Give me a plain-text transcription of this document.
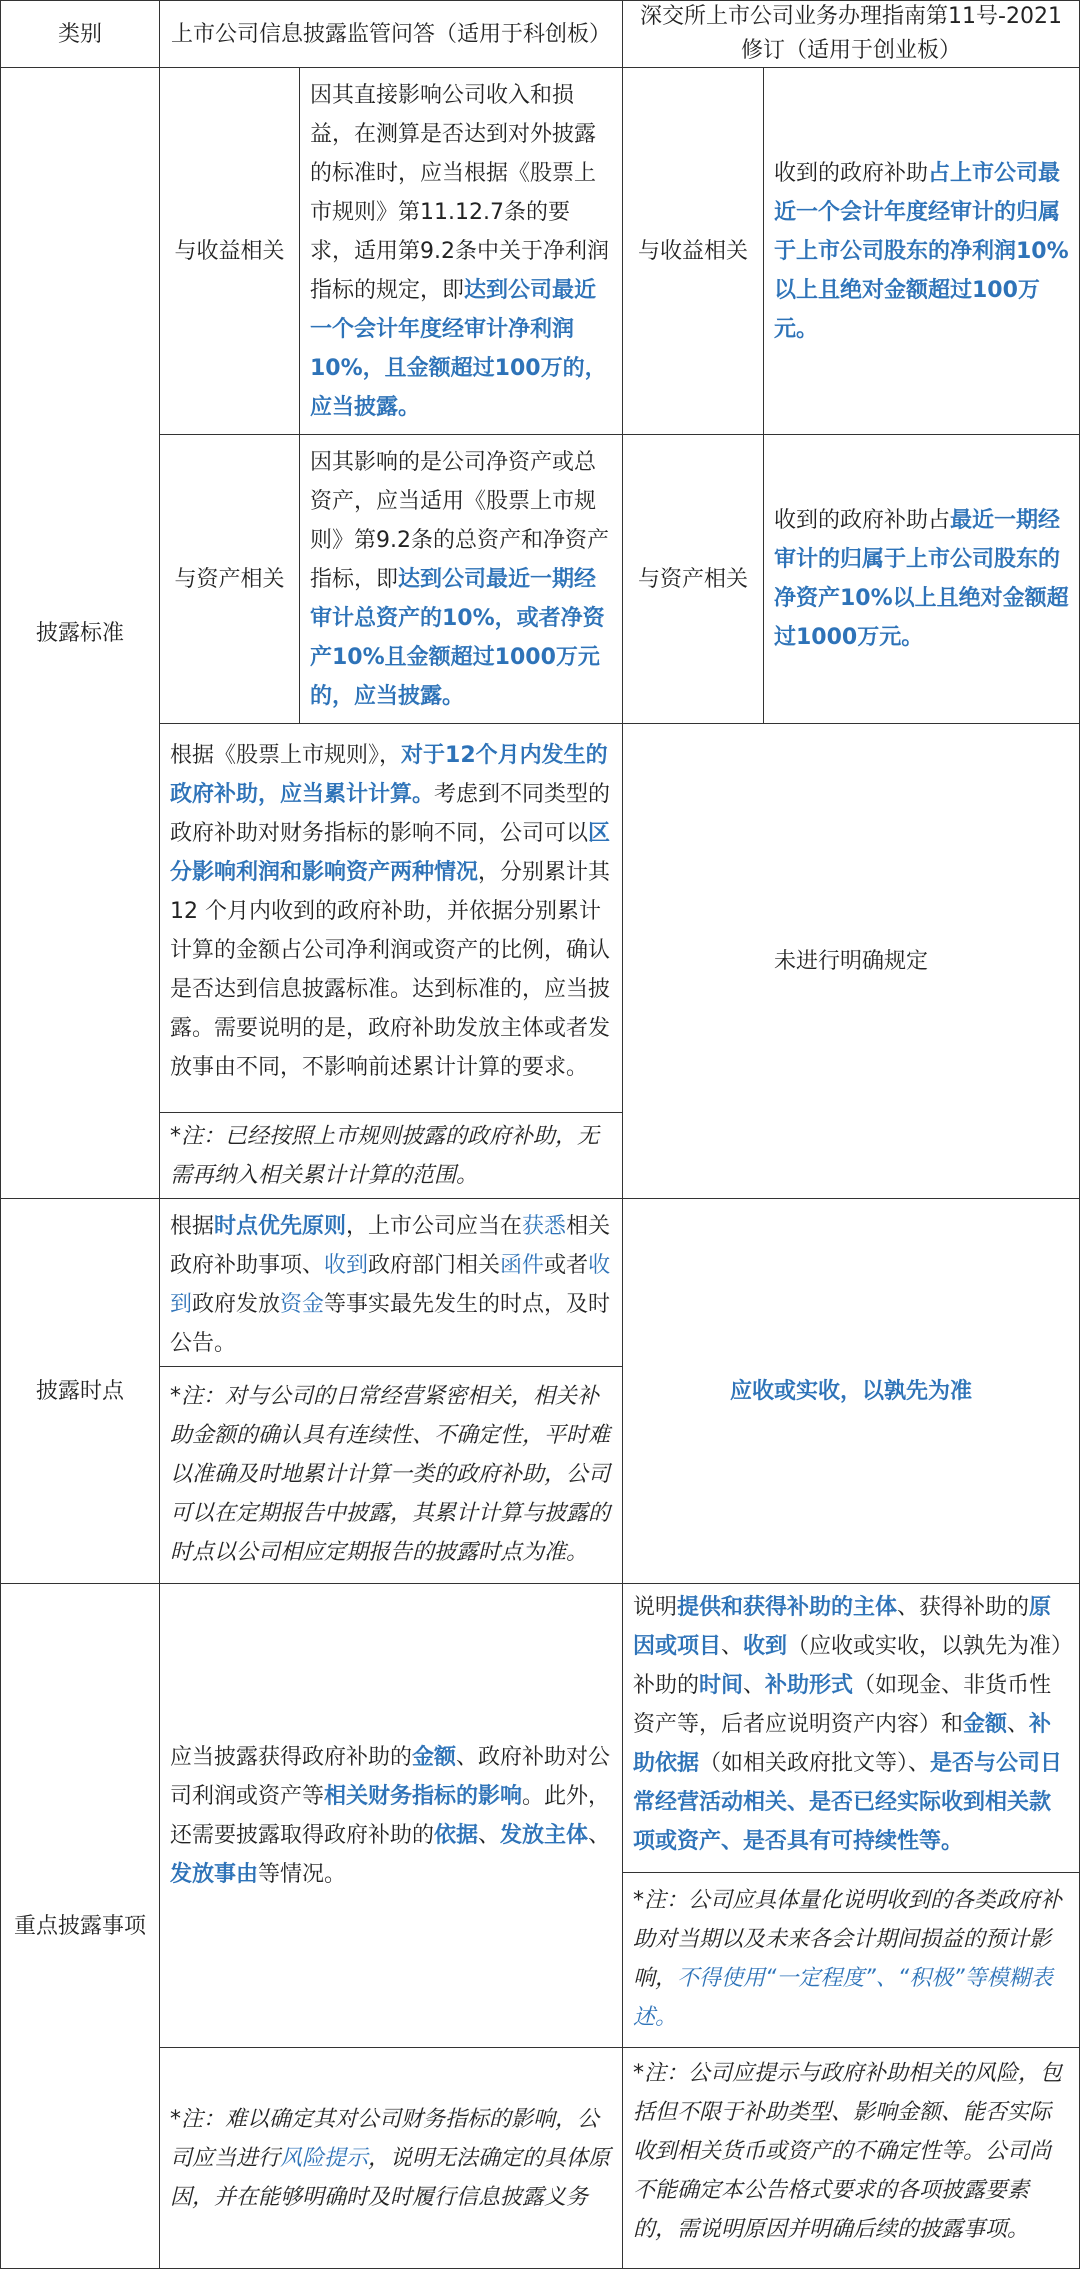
类别	上市公司信息披露监管问答（适用于科创板）
深交所上市公司业务办理指南第11号-2021
修订（适用于创业板）
披露标准
与收益相关
因其直接影响公司收入和损益，在测算是否达到对外披露的标准时，应当根据《股票上市规则》第11.12.7条的要求，适用第9.2条中关于净利润指标的规定，即达到公司最近一个会计年度经审计净利润10%，且金额超过100万的，应当披露。
与收益相关
收到的政府补助占上市公司最近一个会计年度经审计的归属于上市公司股东的净利润10%以上且绝对金额超过100万元。
与资产相关
因其影响的是公司净资产或总资产，应当适用《股票上市规则》第9.2条的总资产和净资产指标，即达到公司最近一期经审计总资产的10%，或者净资产10%且金额超过1000万元的，应当披露。
与资产相关
收到的政府补助占最近一期经审计的归属于上市公司股东的净资产10%以上且绝对金额超过1000万元。
根据《股票上市规则》，对于12个月内发生的政府补助，应当累计计算。考虑到不同类型的政府补助对财务指标的影响不同，公司可以区分影响利润和影响资产两种情况，分别累计其12 个月内收到的政府补助，并依据分别累计计算的金额占公司净利润或资产的比例，确认是否达到信息披露标准。达到标准的，应当披露。需要说明的是，政府补助发放主体或者发放事由不同，不影响前述累计计算的要求。
*注：已经按照上市规则披露的政府补助，无需再纳入相关累计计算的范围。
未进行明确规定
披露时点
根据时点优先原则，上市公司应当在获悉相关政府补助事项、收到政府部门相关函件或者收到政府发放资金等事实最先发生的时点，及时公告。
*注：对与公司的日常经营紧密相关，相关补助金额的确认具有连续性、不确定性，平时难以准确及时地累计计算一类的政府补助，公司可以在定期报告中披露，其累计计算与披露的时点以公司相应定期报告的披露时点为准。
应收或实收，以孰先为准
重点披露事项
应当披露获得政府补助的金额、政府补助对公司利润或资产等相关财务指标的影响。此外，还需要披露取得政府补助的依据、发放主体、发放事由等情况。
说明提供和获得补助的主体、获得补助的原因或项目、收到（应收或实收，以孰先为准）补助的时间、补助形式（如现金、非货币性资产等，后者应说明资产内容）和金额、补助依据（如相关政府批文等）、是否与公司日常经营活动相关、是否已经实际收到相关款项或资产、是否具有可持续性等。
*注：公司应具体量化说明收到的各类政府补助对当期以及未来各会计期间损益的预计影响，不得使用“一定程度”、“积极”等模糊表述。
*注：难以确定其对公司财务指标的影响，公司应当进行风险提示，说明无法确定的具体原因，并在能够明确时及时履行信息披露义务
*注：公司应提示与政府补助相关的风险，包括但不限于补助类型、影响金额、能否实际收到相关货币或资产的不确定性等。公司尚不能确定本公告格式要求的各项披露要素的，需说明原因并明确后续的披露事项。
